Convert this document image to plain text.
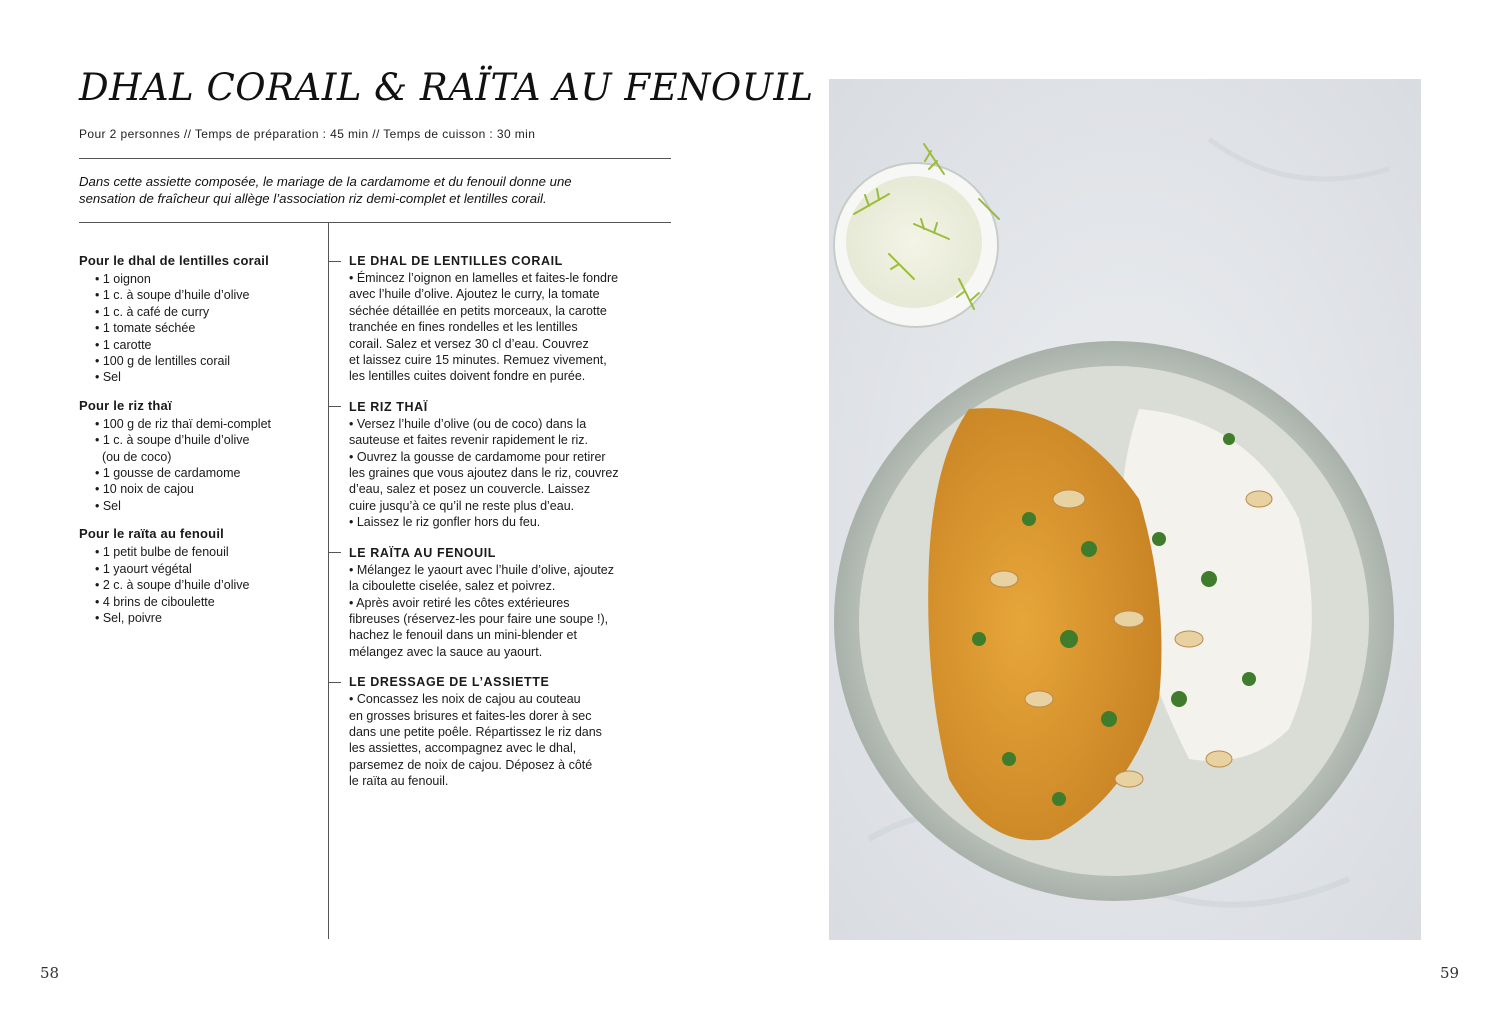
DHAL CORAIL & RAÏTA AU FENOUIL
Pour 2 personnes // Temps de préparation : 45 min // Temps de cuisson : 30 min
Dans cette assiette composée, le mariage de la cardamome et du fenouil donne une
sensation de fraîcheur qui allège l’association riz demi-complet et lentilles corail.
Pour le dhal de lentilles corail
• 1 oignon
• 1 c. à soupe d’huile d’olive
• 1 c. à café de curry
• 1 tomate séchée
• 1 carotte
• 100 g de lentilles corail
• Sel
Pour le riz thaï
• 100 g de riz thaï demi-complet
• 1 c. à soupe d’huile d’olive
(ou de coco)
• 1 gousse de cardamome
• 10 noix de cajou
• Sel
Pour le raïta au fenouil
• 1 petit bulbe de fenouil
• 1 yaourt végétal
• 2 c. à soupe d’huile d’olive
• 4 brins de ciboulette
• Sel, poivre
LE DHAL DE LENTILLES CORAIL
• Émincez l’oignon en lamelles et faites-le fondre
avec l’huile d’olive. Ajoutez le curry, la tomate
séchée détaillée en petits morceaux, la carotte
tranchée en fines rondelles et les lentilles
corail. Salez et versez 30 cl d’eau. Couvrez
et laissez cuire 15 minutes. Remuez vivement,
les lentilles cuites doivent fondre en purée.
LE RIZ THAÏ
• Versez l’huile d’olive (ou de coco) dans la
sauteuse et faites revenir rapidement le riz.
• Ouvrez la gousse de cardamome pour retirer
les graines que vous ajoutez dans le riz, couvrez
d’eau, salez et posez un couvercle. Laissez
cuire jusqu’à ce qu’il ne reste plus d’eau.
• Laissez le riz gonfler hors du feu.
LE RAÏTA AU FENOUIL
• Mélangez le yaourt avec l’huile d’olive, ajoutez
la ciboulette ciselée, salez et poivrez.
• Après avoir retiré les côtes extérieures
fibreuses (réservez-les pour faire une soupe !),
hachez le fenouil dans un mini-blender et
mélangez avec la sauce au yaourt.
LE DRESSAGE DE L’ASSIETTE
• Concassez les noix de cajou au couteau
en grosses brisures et faites-les dorer à sec
dans une petite poêle. Répartissez le riz dans
les assiettes, accompagnez avec le dhal,
parsemez de noix de cajou. Déposez à côté
le raïta au fenouil.
58	59
